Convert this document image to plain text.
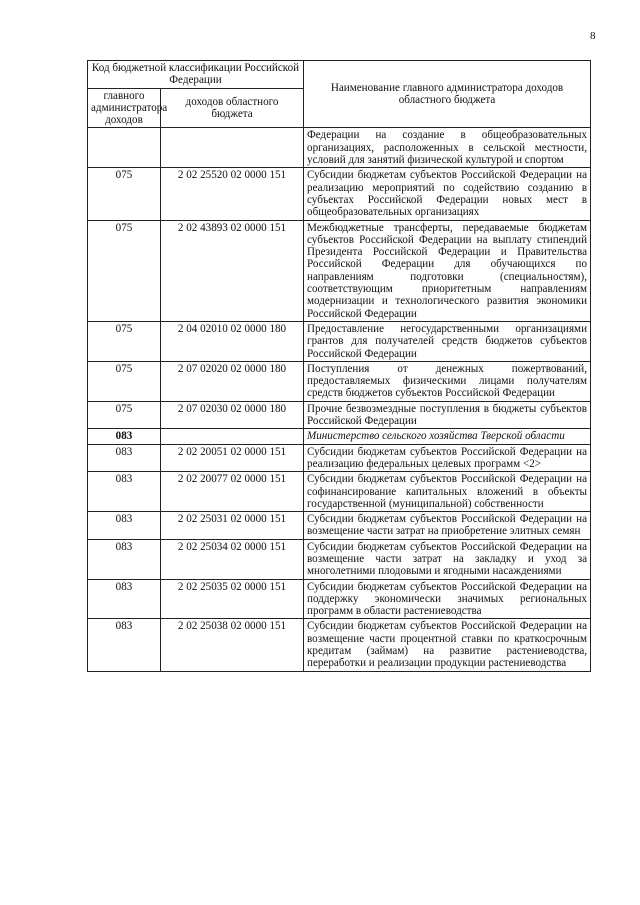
8
Код бюджетной классификации Российской Федерации		Наименование главного администратора доходов областного бюджета
главного администратора доходов	доходов областного бюджета	
		Федерации на создание в общеобразовательных организациях, расположенных в сельской местности, условий для занятий физической культурой и спортом
075	2 02 25520 02 0000 151	Субсидии бюджетам субъектов Российской Федерации на реализацию мероприятий по содействию созданию в субъектах Российской Федерации новых мест в общеобразовательных организациях
075	2 02 43893 02 0000 151	Межбюджетные трансферты, передаваемые бюджетам субъектов Российской Федерации на выплату стипендий Президента Российской Федерации и Правительства Российской Федерации для обучающихся по направлениям подготовки (специальностям), соответствующим приоритетным направлениям модернизации и технологического развития экономики Российской Федерации
075	2 04 02010 02 0000 180	Предоставление негосударственными организациями грантов для получателей средств бюджетов субъектов Российской Федерации
075	2 07 02020 02 0000 180	Поступления от денежных пожертвований, предоставляемых физическими лицами получателям средств бюджетов субъектов Российской Федерации
075	2 07 02030 02 0000 180	Прочие безвозмездные поступления в бюджеты субъектов Российской Федерации
083		Министерство сельского хозяйства Тверской области
083	2 02 20051 02 0000 151	Субсидии бюджетам субъектов Российской Федерации на реализацию федеральных целевых программ <2>
083	2 02 20077 02 0000 151	Субсидии бюджетам субъектов Российской Федерации на софинансирование капитальных вложений в объекты государственной (муниципальной) собственности
083	2 02 25031 02 0000 151	Субсидии бюджетам субъектов Российской Федерации на возмещение части затрат на приобретение элитных семян
083	2 02 25034 02 0000 151	Субсидии бюджетам субъектов Российской Федерации на возмещение части затрат на закладку и уход за многолетними плодовыми и ягодными насаждениями
083	2 02 25035 02 0000 151	Субсидии бюджетам субъектов Российской Федерации на поддержку экономически значимых региональных программ в области растениеводства
083	2 02 25038 02 0000 151	Субсидии бюджетам субъектов Российской Федерации на возмещение части процентной ставки по краткосрочным кредитам (займам) на развитие растениеводства, переработки и реализации продукции растениеводства
